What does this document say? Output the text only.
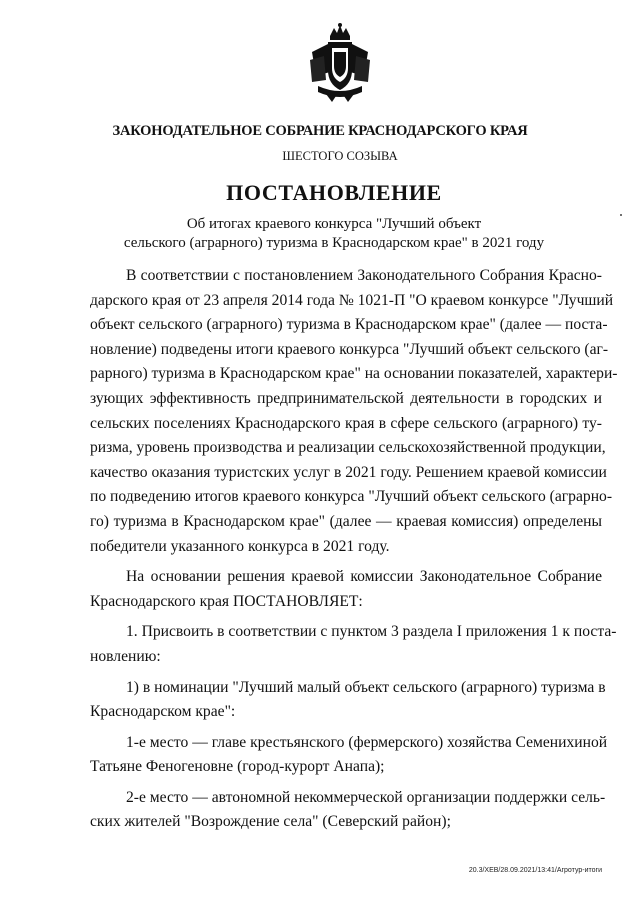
ЗАКОНОДАТЕЛЬНОЕ СОБРАНИЕ КРАСНОДАРСКОГО КРАЯ
ШЕСТОГО СОЗЫВА
ПОСТАНОВЛЕНИЕ
Об итогах краевого конкурса "Лучший объект
сельского (аграрного) туризма в Краснодарском крае" в 2021 году
В соответствии с постановлением Законодательного Собрания Красно-
дарского края от 23 апреля 2014 года № 1021-П "О краевом конкурсе "Лучший
объект сельского (аграрного) туризма в Краснодарском крае" (далее — поста-
новление) подведены итоги краевого конкурса "Лучший объект сельского (аг-
рарного) туризма в Краснодарском крае" на основании показателей, характери-
зующих эффективность предпринимательской деятельности в городских и
сельских поселениях Краснодарского края в сфере сельского (аграрного) ту-
ризма, уровень производства и реализации сельскохозяйственной продукции,
качество оказания туристских услуг в 2021 году. Решением краевой комиссии
по подведению итогов краевого конкурса "Лучший объект сельского (аграрно-
го) туризма в Краснодарском крае" (далее — краевая комиссия) определены
победители указанного конкурса в 2021 году.
На основании решения краевой комиссии Законодательное Собрание
Краснодарского края ПОСТАНОВЛЯЕТ:
1. Присвоить в соответствии с пунктом 3 раздела I приложения 1 к поста-
новлению:
1) в номинации "Лучший малый объект сельского (аграрного) туризма в
Краснодарском крае":
1-е место — главе крестьянского (фермерского) хозяйства Семенихиной
Татьяне Феногеновне (город-курорт Анапа);
2-е место — автономной некоммерческой организации поддержки сель-
ских жителей "Возрождение села" (Северский район);
20.3/ХЕВ/28.09.2021/13:41/Агротур-итоги
